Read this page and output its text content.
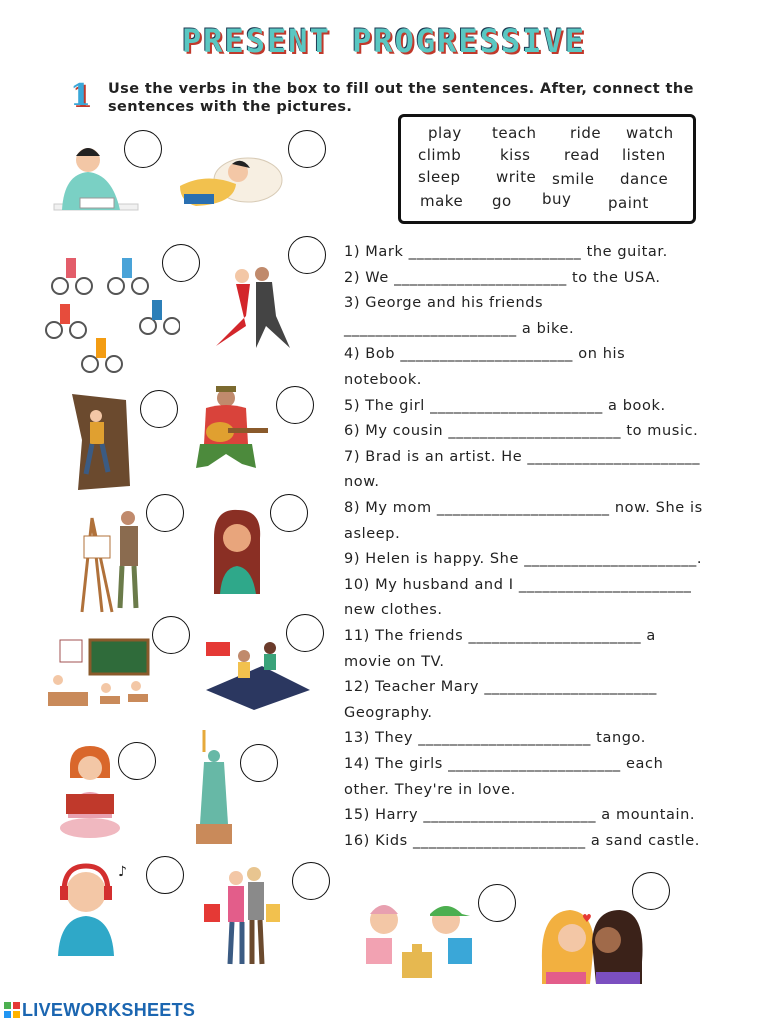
PRESENT PROGRESSIVE
1 Use the verbs in the box to fill out the sentences. After, connect the sentences with the pictures.
play teach ride watch
climb	kiss read listen
sleep write smile dance
make go buy paint
1) Mark ______________________ the guitar.
2) We ______________________ to the USA.
3) George and his friends
______________________ a bike.
4) Bob ______________________ on his
notebook.
5) The girl ______________________ a book.
6) My cousin ______________________ to music.
7) Brad is an artist. He ______________________
now.
8) My mom ______________________ now. She is
asleep.
9) Helen is happy. She ______________________.
10) My husband and I ______________________
new clothes.
11) The friends ______________________ a
movie on TV.
12) Teacher Mary ______________________
Geography.
13) They ______________________ tango.
14) The girls ______________________ each
other. They're in love.
15) Harry ______________________ a mountain.
16) Kids ______________________ a sand castle.
♪
♥
LIVEWORKSHEETS
